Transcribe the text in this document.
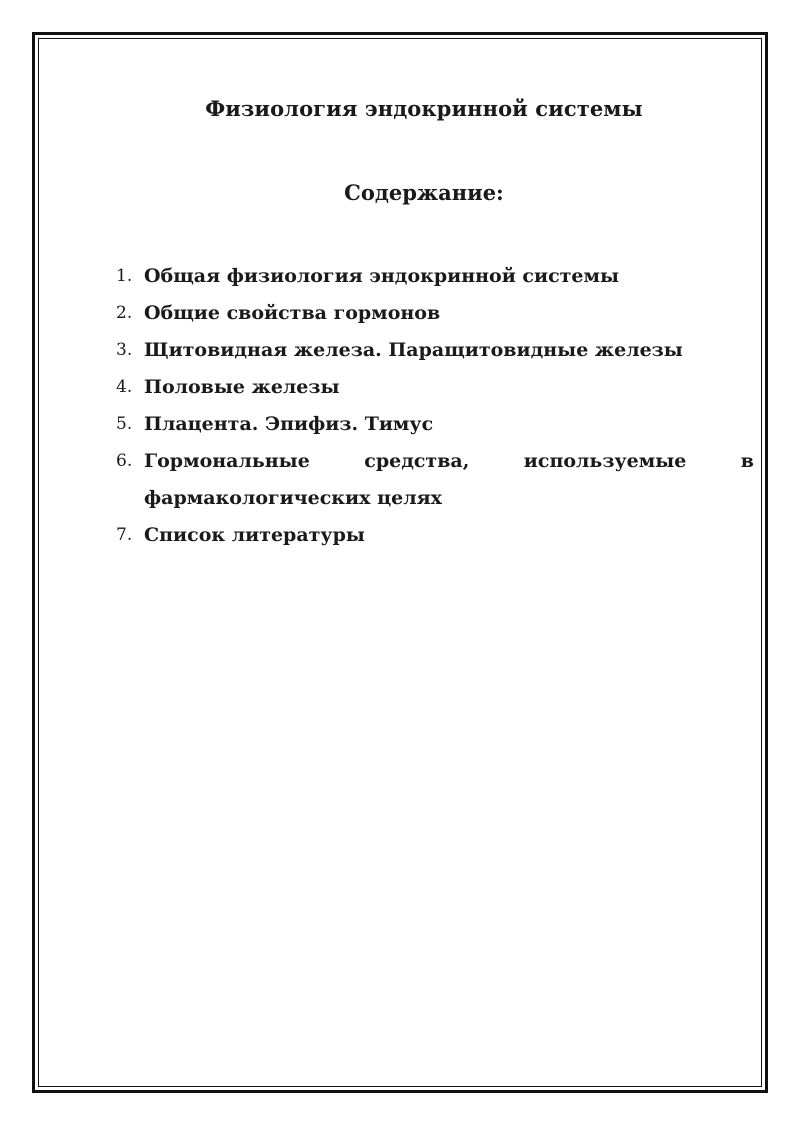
Физиология эндокринной системы
Содержание:
1. Общая физиология эндокринной системы
2. Общие свойства гормонов
3. Щитовидная железа. Паращитовидные железы
4. Половые железы
5. Плацента. Эпифиз. Тимус
6. Гормональные средства, используемые в фармакологических целях
7. Список литературы
